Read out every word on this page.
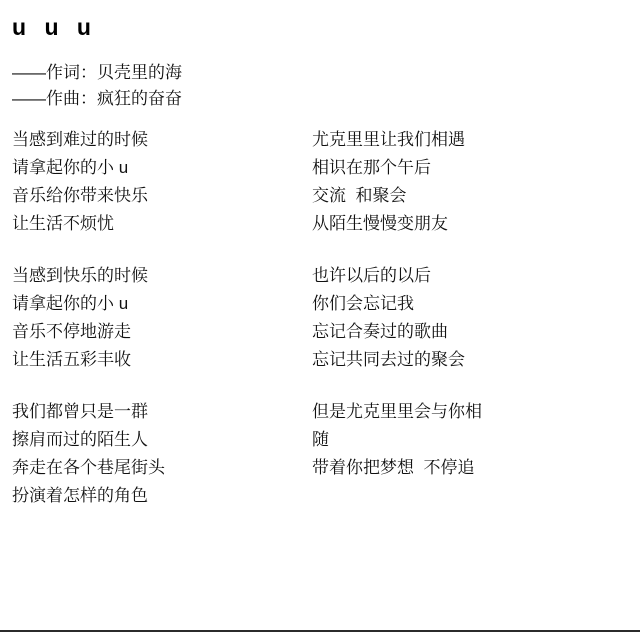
u u u
——作词：贝壳里的海
——作曲：疯狂的奋奋
当感到难过的时候
请拿起你的小 u
音乐给你带来快乐
让生活不烦忧
尤克里里让我们相遇
相识在那个午后
交流  和聚会
从陌生慢慢变朋友
当感到快乐的时候
请拿起你的小 u
音乐不停地游走
让生活五彩丰收
也许以后的以后
你们会忘记我
忘记合奏过的歌曲
忘记共同去过的聚会
我们都曾只是一群
擦肩而过的陌生人
奔走在各个巷尾街头
扮演着怎样的角色
但是尤克里里会与你相
随
带着你把梦想  不停追
